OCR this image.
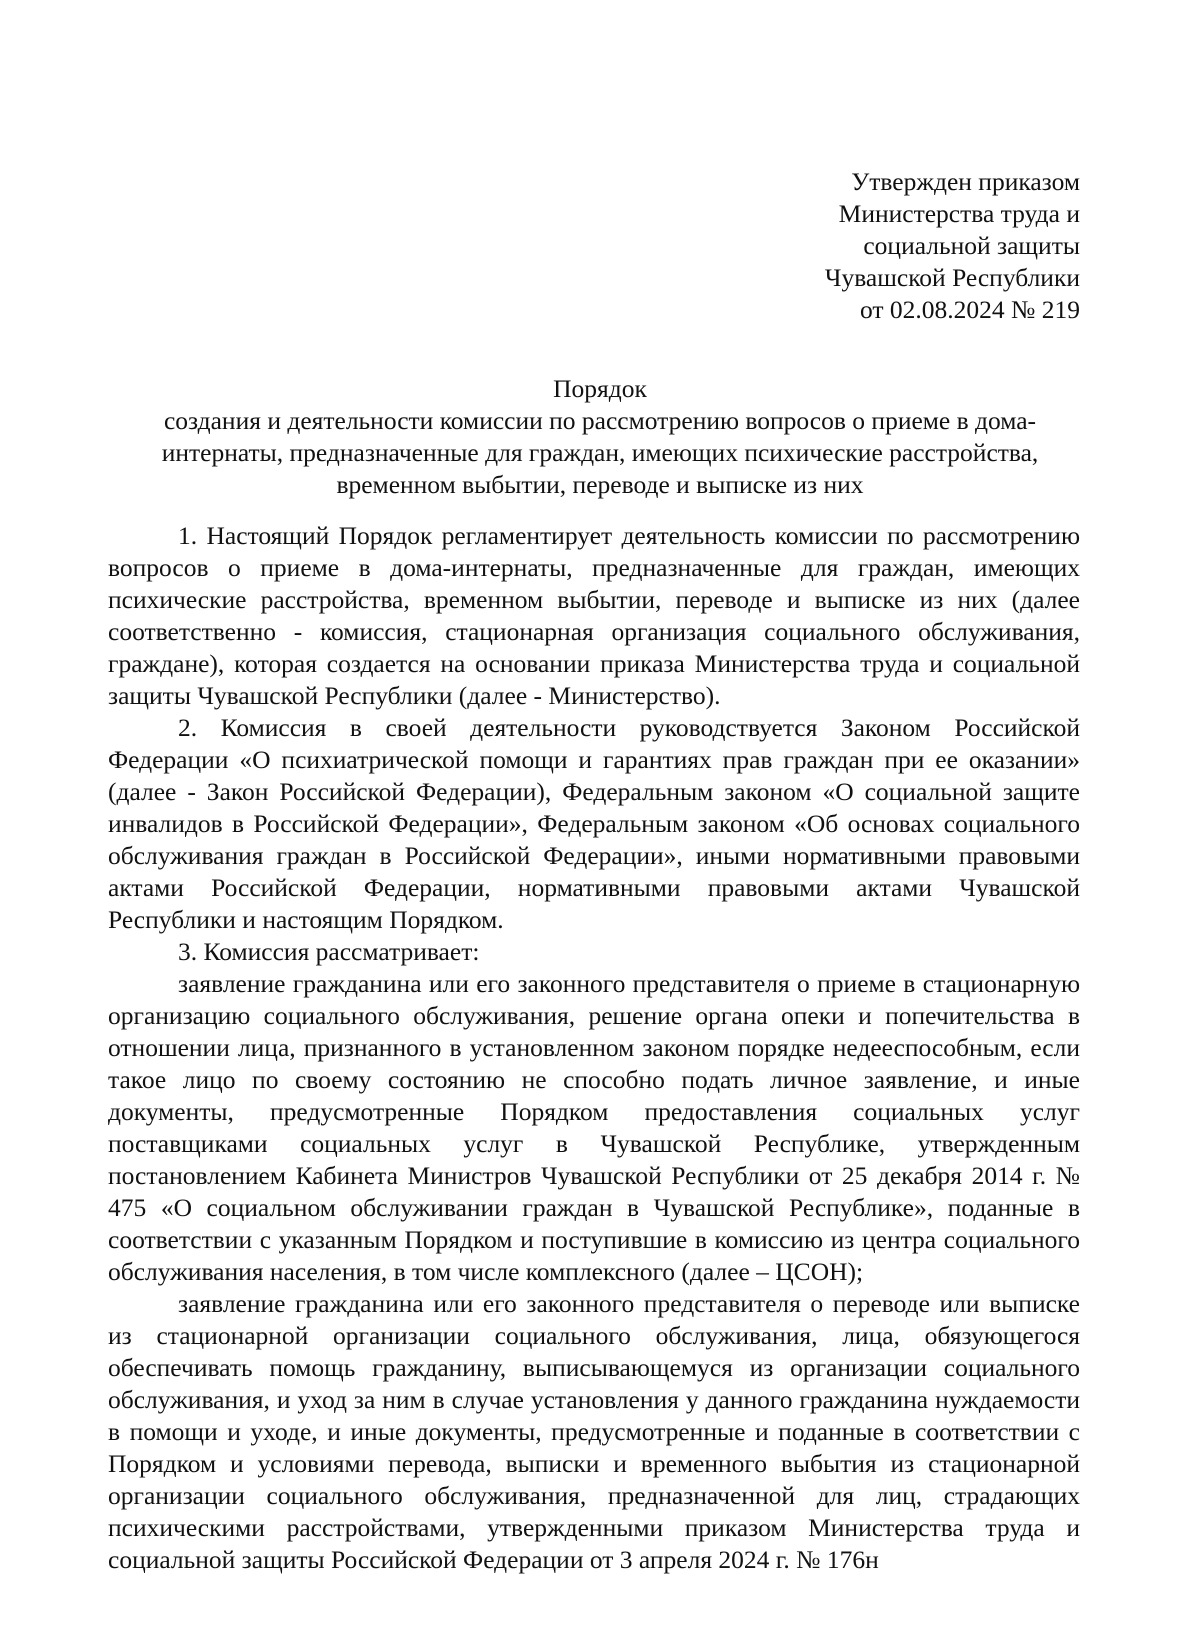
Утвержден приказом
Министерства труда и
социальной защиты
Чувашской Республики
от 02.08.2024 № 219
Порядок
создания и деятельности комиссии по рассмотрению вопросов о приеме в дома-
интернаты, предназначенные для граждан, имеющих психические расстройства,
временном выбытии, переводе и выписке из них

1. Настоящий Порядок регламентирует деятельность комиссии по рассмотрению вопросов о приеме в дома-интернаты, предназначенные для граждан, имеющих психические расстройства, временном выбытии, переводе и выписке из них (далее соответственно - комиссия, стационарная организация социального обслуживания, граждане), которая создается на основании приказа Министерства труда и социальной защиты Чувашской Республики (далее - Министерство).

2. Комиссия в своей деятельности руководствуется Законом Российской Федерации «О психиатрической помощи и гарантиях прав граждан при ее оказании» (далее - Закон Российской Федерации), Федеральным законом «О социальной защите инвалидов в Российской Федерации», Федеральным законом «Об основах социального обслуживания граждан в Российской Федерации», иными нормативными правовыми актами Российской Федерации, нормативными правовыми актами Чувашской Республики и настоящим Порядком.

3. Комиссия рассматривает:

заявление гражданина или его законного представителя о приеме в стационарную организацию социального обслуживания, решение органа опеки и попечительства в отношении лица, признанного в установленном законом порядке недееспособным, если такое лицо по своему состоянию не способно подать личное заявление, и иные документы, предусмотренные Порядком предоставления социальных услуг поставщиками социальных услуг в Чувашской Республике, утвержденным постановлением Кабинета Министров Чувашской Республики от 25 декабря 2014 г. № 475 «О социальном обслуживании граждан в Чувашской Республике», поданные в соответствии с указанным Порядком и поступившие в комиссию из центра социального обслуживания населения, в том числе комплексного (далее – ЦСОН);

заявление гражданина или его законного представителя о переводе или выписке из стационарной организации социального обслуживания, лица, обязующегося обеспечивать помощь гражданину, выписывающемуся из организации социального обслуживания, и уход за ним в случае установления у данного гражданина нуждаемости в помощи и уходе, и иные документы, предусмотренные и поданные в соответствии с Порядком и условиями перевода, выписки и временного выбытия из стационарной организации социального обслуживания, предназначенной для лиц, страдающих психическими расстройствами, утвержденными приказом Министерства труда и социальной защиты Российской Федерации от 3 апреля 2024 г. № 176н
